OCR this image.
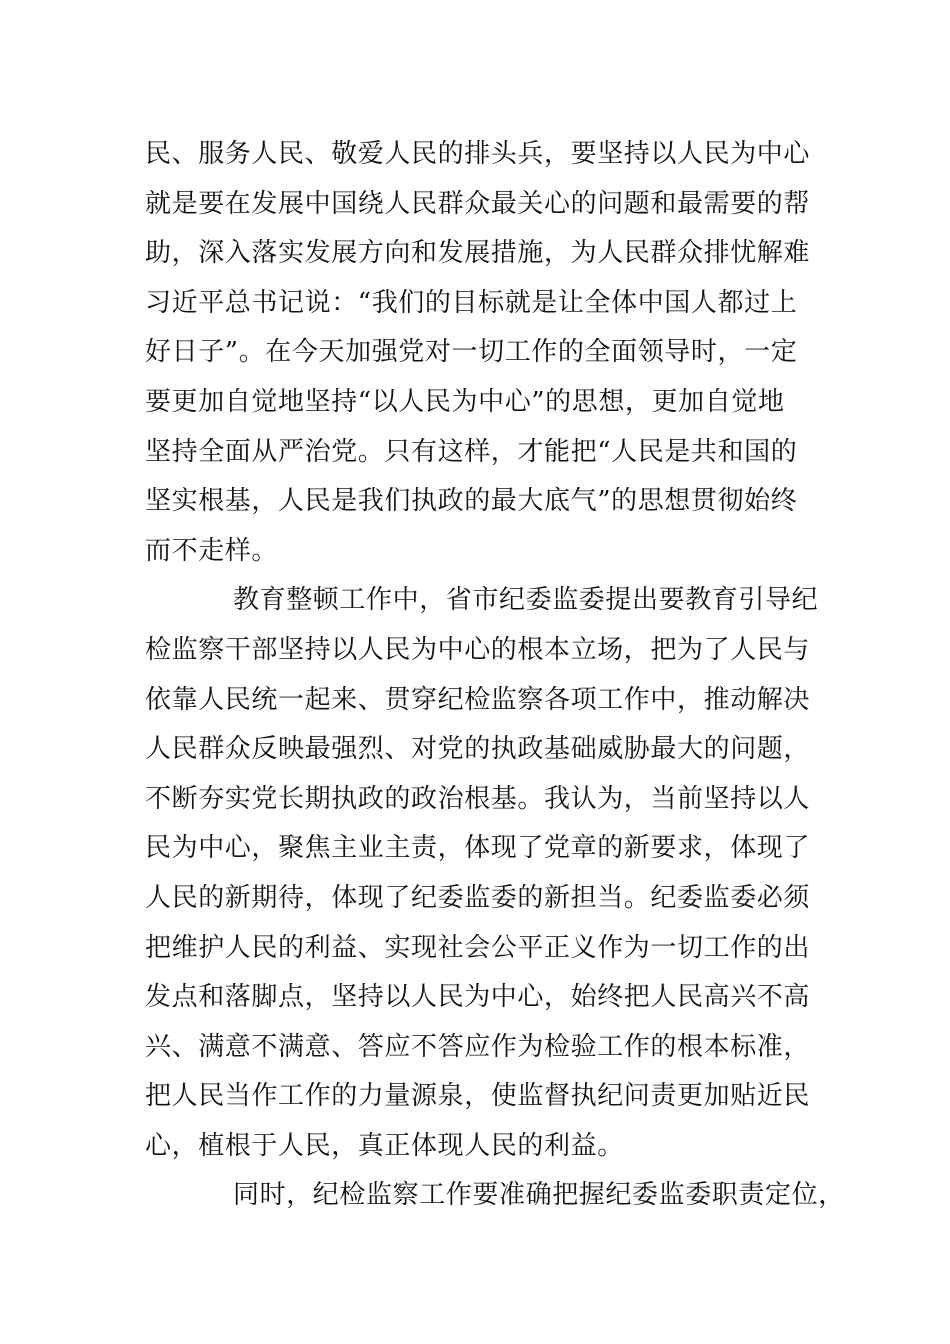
民、服务人民、敬爱人民的排头兵，要坚持以人民为中心
就是要在发展中国绕人民群众最关心的问题和最需要的帮
助，深入落实发展方向和发展措施，为人民群众排忧解难
习近平总书记说：“我们的目标就是让全体中国人都过上
好日子”。在今天加强党对一切工作的全面领导时，一定
要更加自觉地坚持“以人民为中心”的思想，更加自觉地
坚持全面从严治党。只有这样，才能把“人民是共和国的
坚实根基，人民是我们执政的最大底气”的思想贯彻始终
而不走样。
教育整顿工作中，省市纪委监委提出要教育引导纪
检监察干部坚持以人民为中心的根本立场，把为了人民与
依靠人民统一起来、贯穿纪检监察各项工作中，推动解决
人民群众反映最强烈、对党的执政基础威胁最大的问题，
不断夯实党长期执政的政治根基。我认为，当前坚持以人
民为中心，聚焦主业主责，体现了党章的新要求，体现了
人民的新期待，体现了纪委监委的新担当。纪委监委必须
把维护人民的利益、实现社会公平正义作为一切工作的出
发点和落脚点，坚持以人民为中心，始终把人民高兴不高
兴、满意不满意、答应不答应作为检验工作的根本标准，
把人民当作工作的力量源泉，使监督执纪问责更加贴近民
心，植根于人民，真正体现人民的利益。
同时，纪检监察工作要准确把握纪委监委职责定位，
